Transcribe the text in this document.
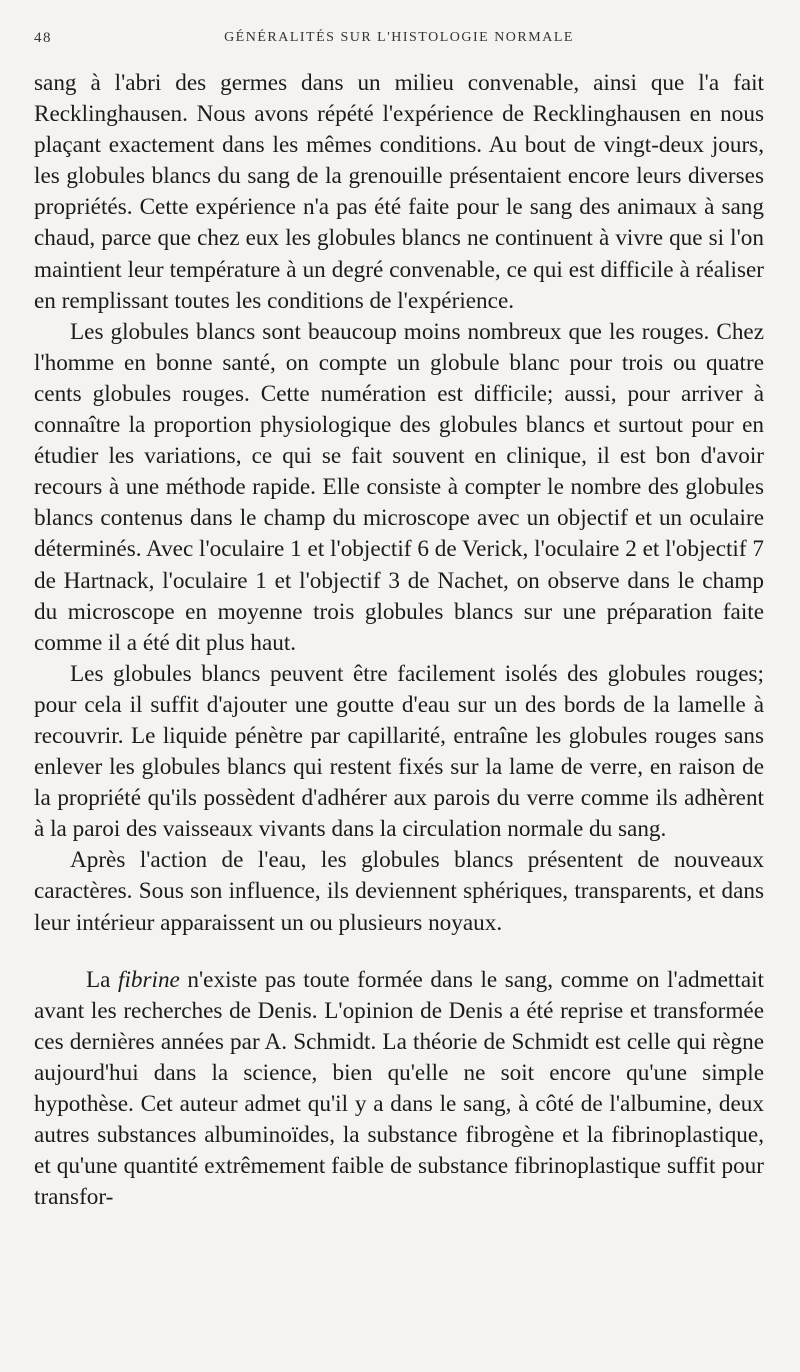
48	GÉNÉRALITÉS SUR L'HISTOLOGIE NORMALE

sang à l'abri des germes dans un milieu convenable, ainsi que l'a fait Recklinghausen. Nous avons répété l'expérience de Recklinghausen en nous plaçant exactement dans les mêmes conditions. Au bout de vingt-deux jours, les globules blancs du sang de la grenouille présentaient encore leurs diverses propriétés. Cette expérience n'a pas été faite pour le sang des animaux à sang chaud, parce que chez eux les globules blancs ne continuent à vivre que si l'on maintient leur température à un degré convenable, ce qui est difficile à réaliser en remplissant toutes les conditions de l'expérience.

Les globules blancs sont beaucoup moins nombreux que les rouges. Chez l'homme en bonne santé, on compte un globule blanc pour trois ou quatre cents globules rouges. Cette numération est difficile; aussi, pour arriver à connaître la proportion physiologique des globules blancs et surtout pour en étudier les variations, ce qui se fait souvent en clinique, il est bon d'avoir recours à une méthode rapide. Elle consiste à compter le nombre des globules blancs contenus dans le champ du microscope avec un objectif et un oculaire déterminés. Avec l'oculaire 1 et l'objectif 6 de Verick, l'oculaire 2 et l'objectif 7 de Hartnack, l'oculaire 1 et l'objectif 3 de Nachet, on observe dans le champ du microscope en moyenne trois globules blancs sur une préparation faite comme il a été dit plus haut.

Les globules blancs peuvent être facilement isolés des globules rouges; pour cela il suffit d'ajouter une goutte d'eau sur un des bords de la lamelle à recouvrir. Le liquide pénètre par capillarité, entraîne les globules rouges sans enlever les globules blancs qui restent fixés sur la lame de verre, en raison de la propriété qu'ils possèdent d'adhérer aux parois du verre comme ils adhèrent à la paroi des vaisseaux vivants dans la circulation normale du sang.

Après l'action de l'eau, les globules blancs présentent de nouveaux caractères. Sous son influence, ils deviennent sphériques, transparents, et dans leur intérieur apparaissent un ou plusieurs noyaux.

La fibrine n'existe pas toute formée dans le sang, comme on l'admettait avant les recherches de Denis. L'opinion de Denis a été reprise et transformée ces dernières années par A. Schmidt. La théorie de Schmidt est celle qui règne aujourd'hui dans la science, bien qu'elle ne soit encore qu'une simple hypothèse. Cet auteur admet qu'il y a dans le sang, à côté de l'albumine, deux autres substances albuminoïdes, la substance fibrogène et la fibrinoplastique, et qu'une quantité extrêmement faible de substance fibrinoplastique suffit pour transfor-
